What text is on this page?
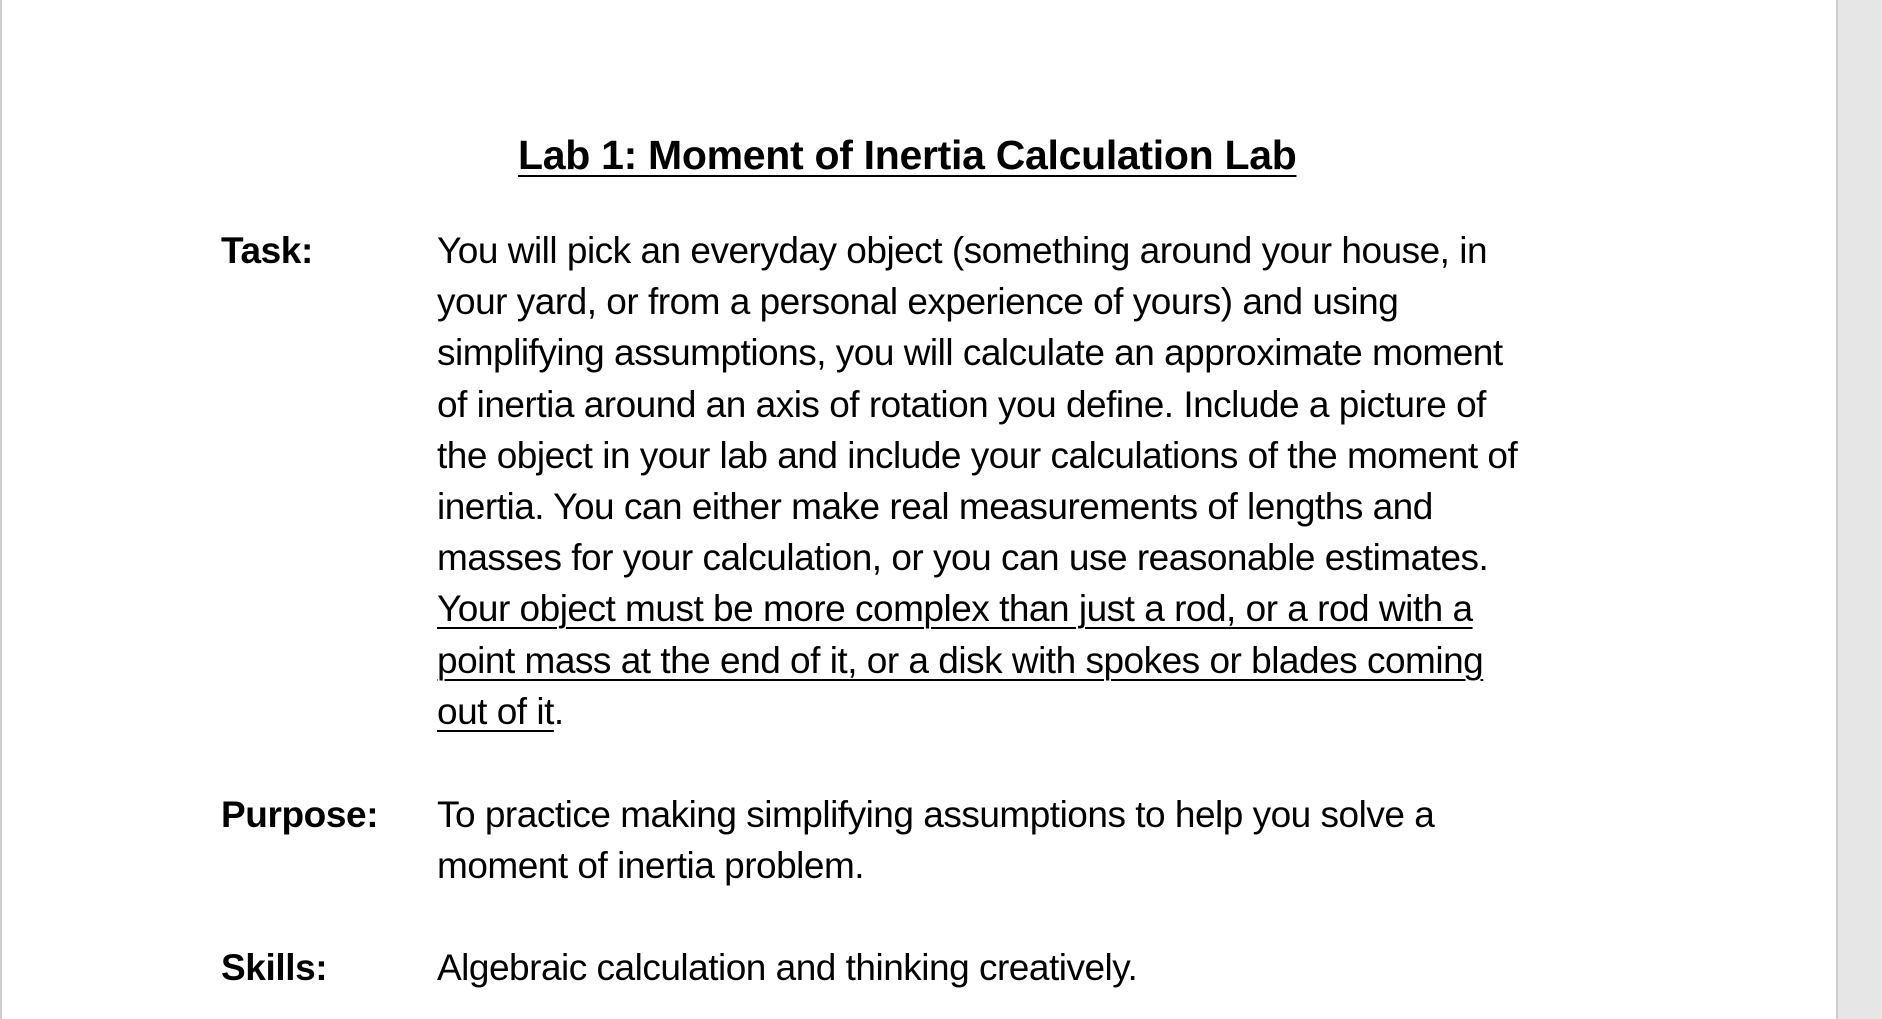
Lab 1: Moment of Inertia Calculation Lab
Task:	You will pick an everyday object (something around your house, in
your yard, or from a personal experience of yours) and using
simplifying assumptions, you will calculate an approximate moment
of inertia around an axis of rotation you define. Include a picture of
the object in your lab and include your calculations of the moment of
inertia. You can either make real measurements of lengths and
masses for your calculation, or you can use reasonable estimates.
Your object must be more complex than just a rod, or a rod with a
point mass at the end of it, or a disk with spokes or blades coming
out of it.
Purpose: To practice making simplifying assumptions to help you solve a
moment of inertia problem.
Skills:	Algebraic calculation and thinking creatively.
